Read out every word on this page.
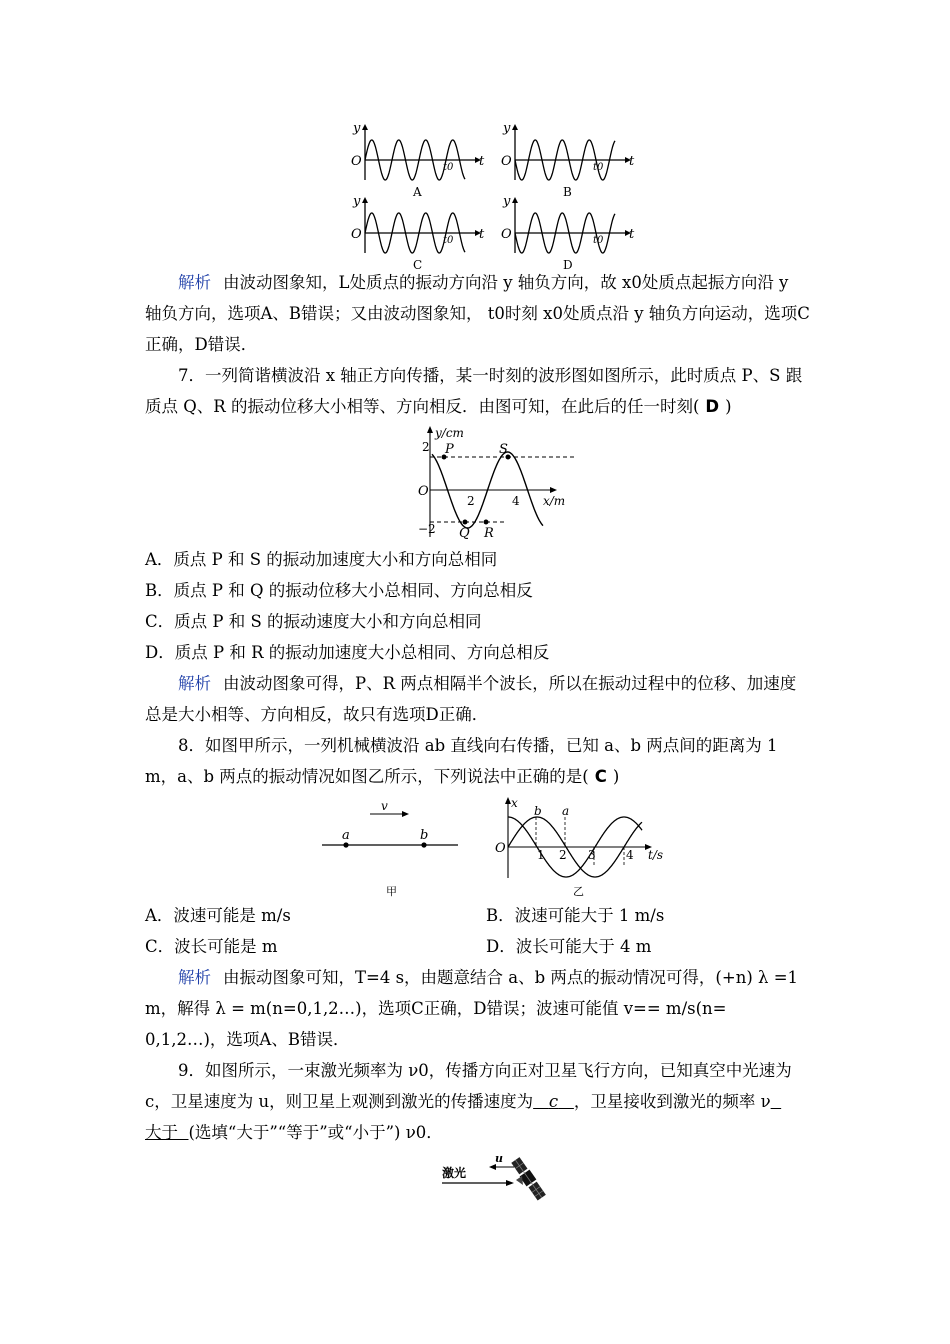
y
O	t
t0
A
y
O	t
t0
B
y
O	t
t0
C
y
O	t
t0
D
解析 由波动图象知，L处质点的振动方向沿 y 轴负方向，故 x0处质点起振方向沿 y
轴负方向，选项A、B错误；又由波动图象知， t0时刻 x0处质点沿 y 轴负方向运动，选项C
正确，D错误．
7．一列简谐横波沿 x 轴正方向传播，某一时刻的波形图如图所示，此时质点 P、S 跟
质点 Q、R 的振动位移大小相等、方向相反．由图可知，在此后的任一时刻( D )
y/cm
O
2
−2
2	4 x/m
P	S
Q R
A．质点 P 和 S 的振动加速度大小和方向总相同
B．质点 P 和 Q 的振动位移大小总相同、方向总相反
C．质点 P 和 S 的振动速度大小和方向总相同
D．质点 P 和 R 的振动加速度大小总相同、方向总相反
解析 由波动图象可得，P、R 两点相隔半个波长，所以在振动过程中的位移、加速度
总是大小相等、方向相反，故只有选项D正确．
8．如图甲所示，一列机械横波沿 ab 直线向右传播，已知 a、b 两点间的距离为 1
m，a、b 两点的振动情况如图乙所示，下列说法中正确的是( C )
v
a	b
甲
x
O
b a
1 2 3	4 t/s
乙
A．波速可能是 m/s	B．波速可能大于 1 m/s
C．波长可能是 m	D．波长可能大于 4 m
解析 由振动图象可知，T=4 s，由题意结合 a、b 两点的振动情况可得，(+n) λ =1
m，解得 λ = m(n=0,1,2…)，选项C正确，D错误；波速可能值 v== m/s(n=
0,1,2…)，选项A、B错误．
9．如图所示，一束激光频率为 ν0，传播方向正对卫星飞行方向，已知真空中光速为
c，卫星速度为 u，则卫星上观测到激光的传播速度为 c ，卫星接收到激光的频率 ν
大于 (选填“大于”“等于”或“小于”) ν0．
激光
u
